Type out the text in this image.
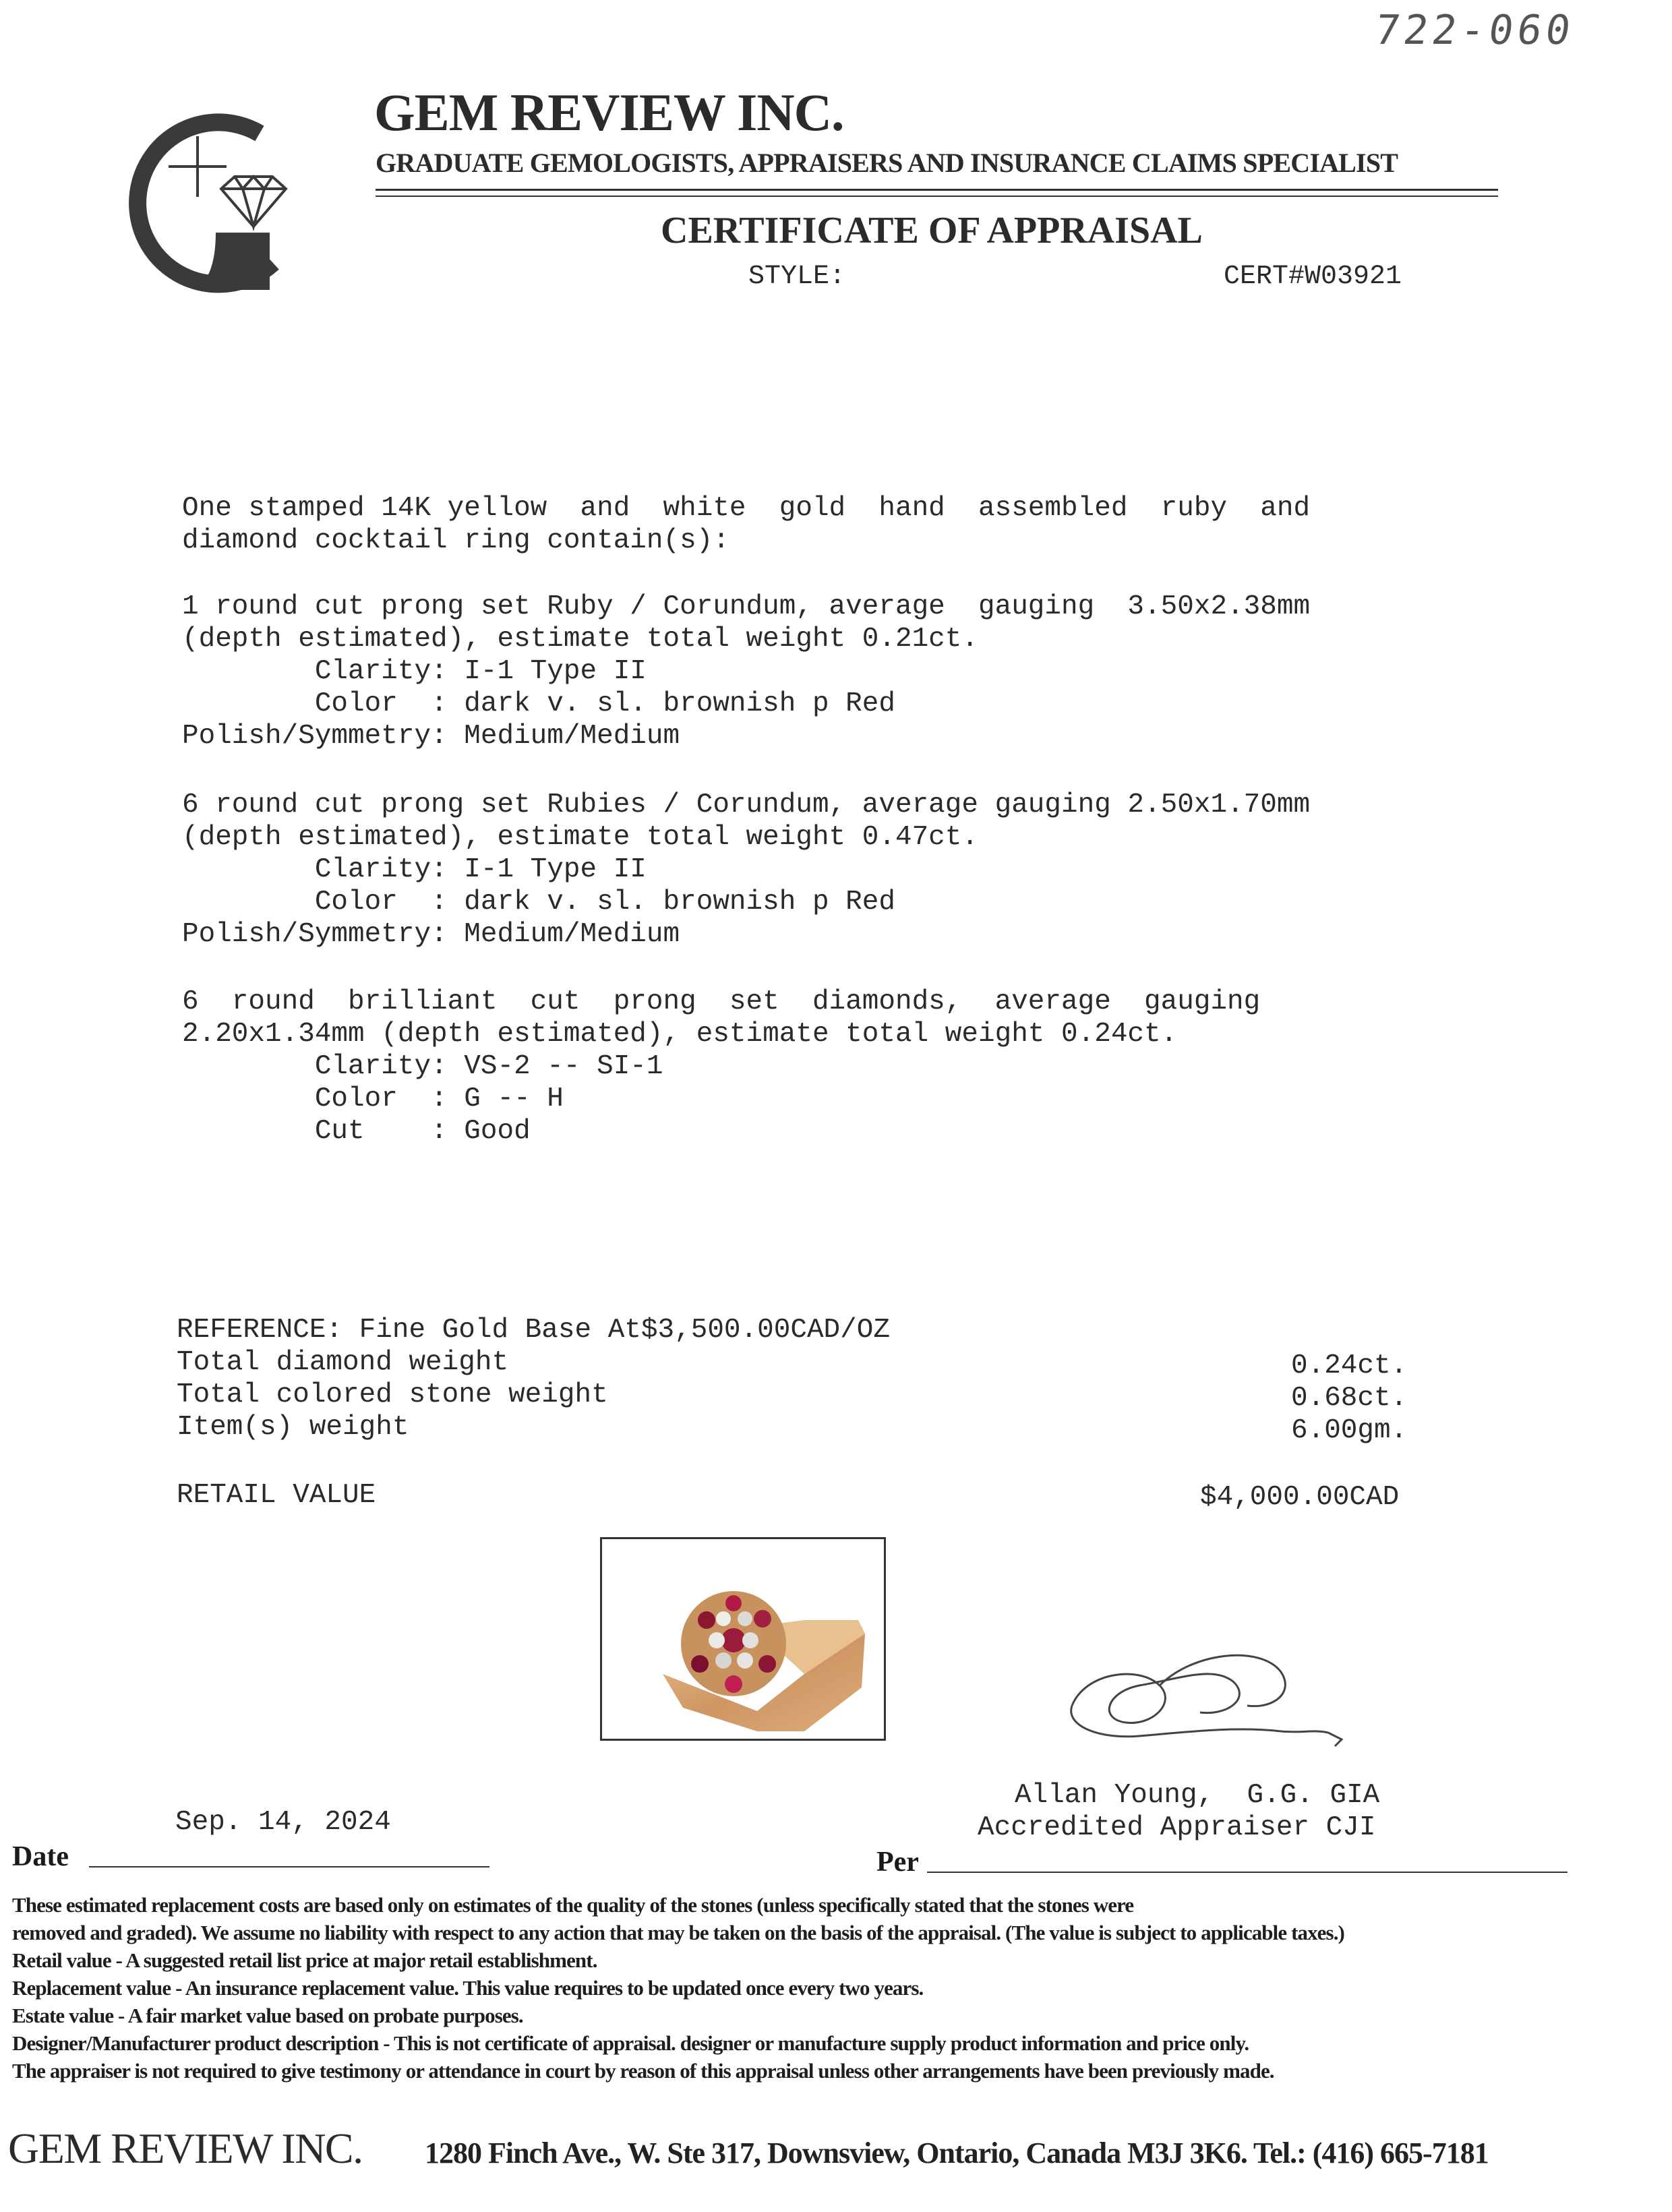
722-060
GEM REVIEW INC.
GRADUATE GEMOLOGISTS, APPRAISERS AND INSURANCE CLAIMS SPECIALIST
CERTIFICATE OF APPRAISAL
STYLE:	CERT#W03921
One stamped 14K yellow  and  white  gold  hand  assembled  ruby  and
diamond cocktail ring contain(s):
1 round cut prong set Ruby / Corundum, average  gauging  3.50x2.38mm
(depth estimated), estimate total weight 0.21ct.
Clarity: I-1 Type II
Color  : dark v. sl. brownish p Red
Polish/Symmetry: Medium/Medium
6 round cut prong set Rubies / Corundum, average gauging 2.50x1.70mm
(depth estimated), estimate total weight 0.47ct.
Clarity: I-1 Type II
Color  : dark v. sl. brownish p Red
Polish/Symmetry: Medium/Medium
6  round  brilliant  cut  prong  set  diamonds,  average  gauging
2.20x1.34mm (depth estimated), estimate total weight 0.24ct.
Clarity: VS-2 -- SI-1
Color  : G -- H
Cut    : Good
REFERENCE: Fine Gold Base At$3,500.00CAD/OZ
Total diamond weight	0.24ct.
Total colored stone weight	0.68ct.
Item(s) weight	6.00gm.
RETAIL VALUE	$4,000.00CAD
Allan Young,  G.G. GIA
Accredited Appraiser CJI
Sep. 14, 2024
Date	Per
These estimated replacement costs are based only on estimates of the quality of the stones (unless specifically stated that the stones were
removed and graded). We assume no liability with respect to any action that may be taken on the basis of the appraisal. (The value is subject to applicable taxes.)
Retail value - A suggested retail list price at major retail establishment.
Replacement value - An insurance replacement value. This value requires to be updated once every two years.
Estate value - A fair market value based on probate purposes.
Designer/Manufacturer product description - This is not certificate of appraisal. designer or manufacture supply product information and price only.
The appraiser is not required to give testimony or attendance in court by reason of this appraisal unless other arrangements have been previously made.
GEM REVIEW INC. 1280 Finch Ave., W. Ste 317, Downsview, Ontario, Canada M3J 3K6. Tel.: (416) 665-7181
